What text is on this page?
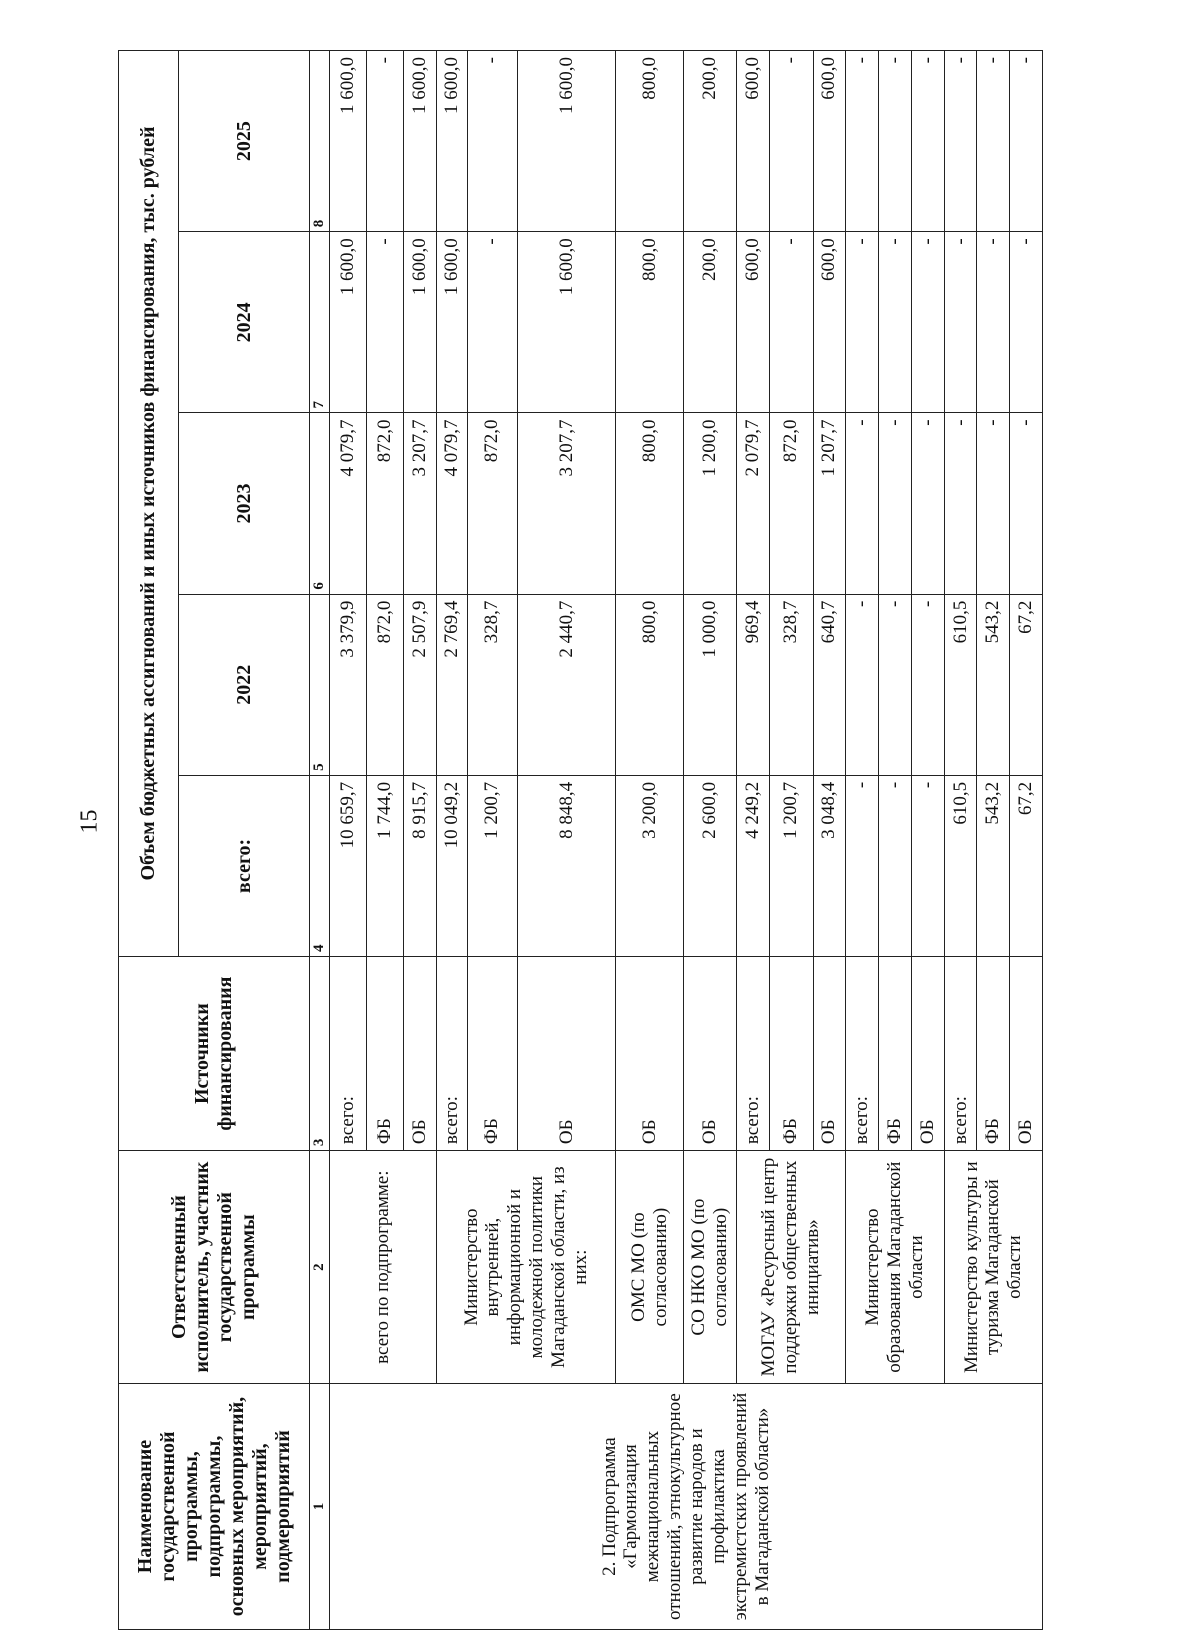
15
Наименование государственной программы, подпрограммы, основных мероприятий, мероприятий, подмероприятий	Ответственный исполнитель, участник государственной программы	Источники финансирования	Объем бюджетных ассигнований и иных источников финансирования, тыс. рублей				
			всего:	2022	2023	2024	2025
1	2	3	4	5	6	7	8
2. Подпрограмма «Гармонизация межнациональных отношений, этнокультурное развитие народов и профилактика экстремистских проявлений в Магаданской области»	всего по подпрограмме:	всего:	10 659,7	3 379,9	4 079,7	1 600,0	1 600,0
		ФБ	1 744,0	872,0	872,0	-	-
		ОБ	8 915,7	2 507,9	3 207,7	1 600,0	1 600,0
	Министерство внутренней, информационной и молодежной политики Магаданской области, из них:	всего:	10 049,2	2 769,4	4 079,7	1 600,0	1 600,0
		ФБ	1 200,7	328,7	872,0	-	-
		ОБ	8 848,4	2 440,7	3 207,7	1 600,0	1 600,0
	ОМС МО (по согласованию)	ОБ	3 200,0	800,0	800,0	800,0	800,0
	СО НКО МО (по согласованию)	ОБ	2 600,0	1 000,0	1 200,0	200,0	200,0
	МОГАУ «Ресурсный центр поддержки общественных инициатив»	всего:	4 249,2	969,4	2 079,7	600,0	600,0
		ФБ	1 200,7	328,7	872,0	-	-
		ОБ	3 048,4	640,7	1 207,7	600,0	600,0
	Министерство образования Магаданской области	всего:	-	-	-	-	-
		ФБ	-	-	-	-	-
		ОБ	-	-	-	-	-
	Министерство культуры и туризма Магаданской области	всего:	610,5	610,5	-	-	-
		ФБ	543,2	543,2	-	-	-
		ОБ	67,2	67,2	-	-	-
